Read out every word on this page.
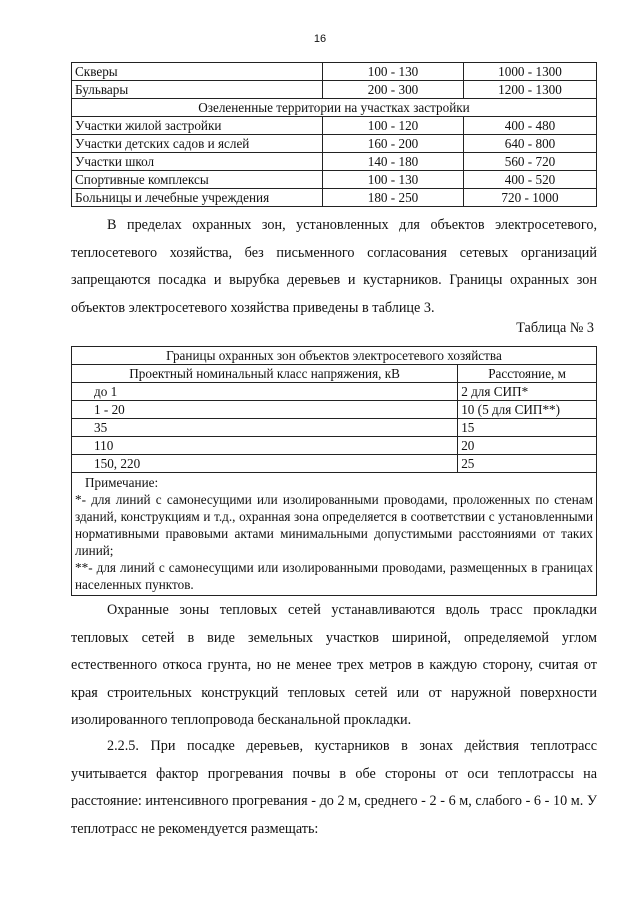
16
Скверы	100 - 130	1000 - 1300
Бульвары	200 - 300	1200 - 1300
Озелененные территории на участках застройки		
Участки жилой застройки	100 - 120	400 - 480
Участки детских садов и яслей	160 - 200	640 - 800
Участки школ	140 - 180	560 - 720
Спортивные комплексы	100 - 130	400 - 520
Больницы и лечебные учреждения	180 - 250	720 - 1000
В пределах охранных зон, установленных для объектов электросетевого, теплосетевого хозяйства, без письменного согласования сетевых организаций запрещаются посадка и вырубка деревьев и кустарников. Границы охранных зон объектов электросетевого хозяйства приведены в таблице 3.
Таблица № 3
Границы охранных зон объектов электросетевого хозяйства	
Проектный номинальный класс напряжения, кВ	Расстояние, м
до 1	2 для СИП*
1 - 20	10 (5 для СИП**)
35	15
110	20
150, 220	25

Примечание:
*- для линий с самонесущими или изолированными проводами, проложенных по стенам зданий, конструкциям и т.д., охранная зона определяется в соответствии с установленными нормативными правовыми актами минимальными допустимыми расстояниями от таких линий;
**- для линий с самонесущими или изолированными проводами, размещенных в границах населенных пунктов.	
Охранные зоны тепловых сетей устанавливаются вдоль трасс прокладки тепловых сетей в виде земельных участков шириной, определяемой углом естественного откоса грунта, но не менее трех метров в каждую сторону, считая от края строительных конструкций тепловых сетей или от наружной поверхности изолированного теплопровода бесканальной прокладки.
2.2.5. При посадке деревьев, кустарников в зонах действия теплотрасс учитывается фактор прогревания почвы в обе стороны от оси теплотрассы на расстояние: интенсивного прогревания - до 2 м, среднего - 2 - 6 м, слабого - 6 - 10 м. У теплотрасс не рекомендуется размещать:
